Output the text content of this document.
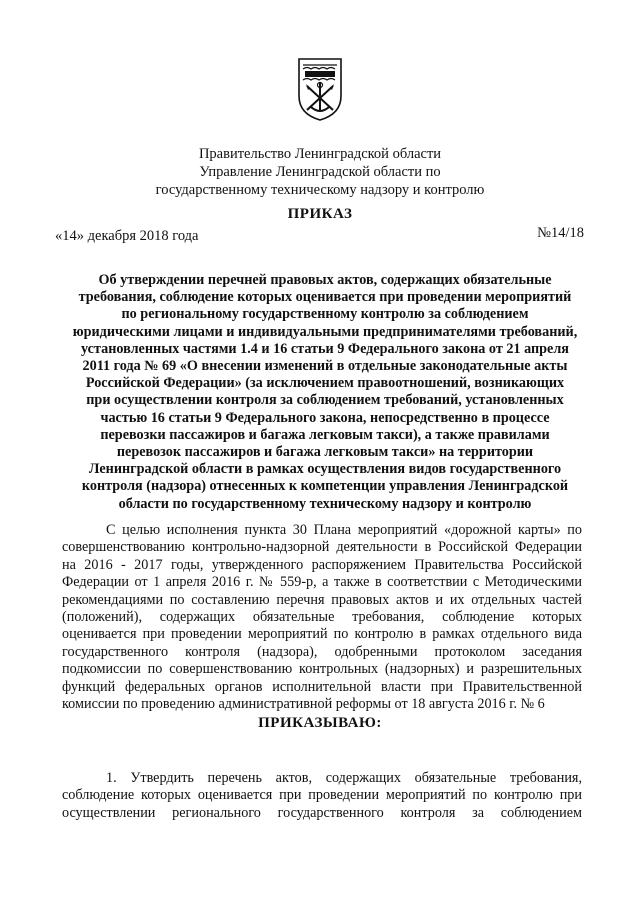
Правительство Ленинградской области
Управление Ленинградской области по
государственному техническому надзору и контролю
ПРИКАЗ
«14» декабря 2018 года	№14/18
Об утверждении перечней правовых актов, содержащих обязательные
требования, соблюдение которых оценивается при проведении мероприятий
по региональному государственному контролю за соблюдением
юридическими лицами и индивидуальными предпринимателями требований,
установленных частями 1.4 и 16 статьи 9 Федерального закона от 21 апреля
2011 года № 69 «О внесении изменений в отдельные законодательные акты
Российской Федерации» (за исключением правоотношений, возникающих
при осуществлении контроля за соблюдением требований, установленных
частью 16 статьи 9 Федерального закона, непосредственно в процессе
перевозки пассажиров и багажа легковым такси), а также правилами
перевозок пассажиров и багажа легковым такси» на территории
Ленинградской области в рамках осуществления видов государственного
контроля (надзора) отнесенных к компетенции управления Ленинградской
области по государственному техническому надзору и контролю
С целью исполнения пункта 30 Плана мероприятий «дорожной карты» по
совершенствованию контрольно-надзорной деятельности в Российской Федерации
на 2016 - 2017 годы, утвержденного распоряжением Правительства Российской
Федерации от 1 апреля 2016 г. № 559-р, а также в соответствии с Методическими
рекомендациями по составлению перечня правовых актов и их отдельных частей
(положений), содержащих обязательные требования, соблюдение которых
оценивается при проведении мероприятий по контролю в рамках отдельного вида
государственного контроля (надзора), одобренными протоколом заседания
подкомиссии по совершенствованию контрольных (надзорных) и разрешительных
функций федеральных органов исполнительной власти при Правительственной
комиссии по проведению административной реформы от 18 августа 2016 г. № 6
ПРИКАЗЫВАЮ:
1. Утвердить перечень актов, содержащих обязательные требования,
соблюдение которых оценивается при проведении мероприятий по контролю при
осуществлении регионального государственного контроля за соблюдением
